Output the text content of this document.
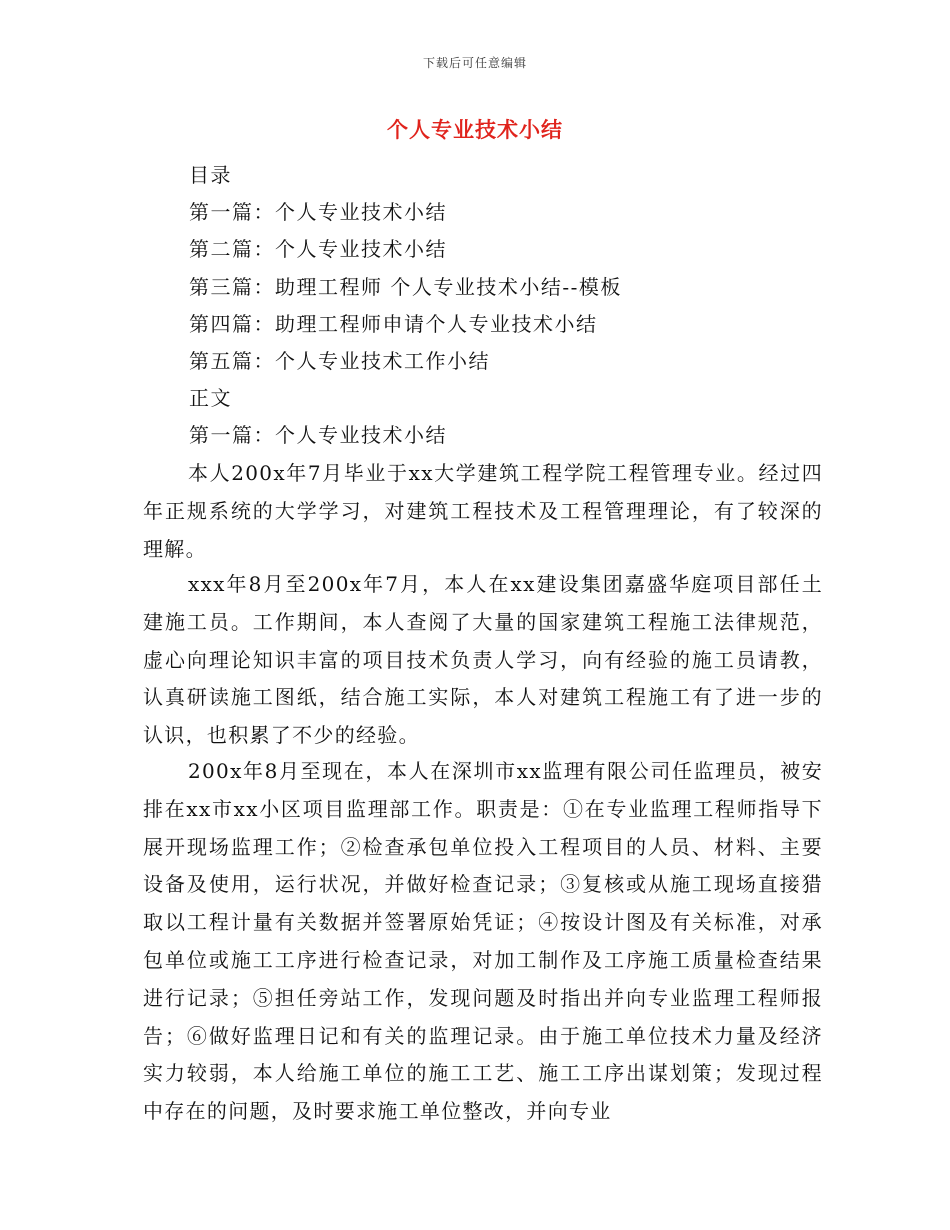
下载后可任意编辑
个人专业技术小结
目录
第一篇：个人专业技术小结
第二篇：个人专业技术小结
第三篇：助理工程师 个人专业技术小结--模板
第四篇：助理工程师申请个人专业技术小结
第五篇：个人专业技术工作小结
正文
第一篇：个人专业技术小结

本人200x年7月毕业于xx大学建筑工程学院工程管理专业。经过四年正规系统的大学学习，对建筑工程技术及工程管理理论，有了较深的理解。

xxx年8月至200x年7月，本人在xx建设集团嘉盛华庭项目部任土建施工员。工作期间，本人查阅了大量的国家建筑工程施工法律规范，虚心向理论知识丰富的项目技术负责人学习，向有经验的施工员请教，认真研读施工图纸，结合施工实际，本人对建筑工程施工有了进一步的认识，也积累了不少的经验。

200x年8月至现在，本人在深圳市xx监理有限公司任监理员，被安排在xx市xx小区项目监理部工作。职责是：①在专业监理工程师指导下展开现场监理工作；②检查承包单位投入工程项目的人员、材料、主要设备及使用，运行状况，并做好检查记录；③复核或从施工现场直接猎取以工程计量有关数据并签署原始凭证；④按设计图及有关标准，对承包单位或施工工序进行检查记录，对加工制作及工序施工质量检查结果进行记录；⑤担任旁站工作，发现问题及时指出并向专业监理工程师报告；⑥做好监理日记和有关的监理记录。由于施工单位技术力量及经济实力较弱，本人给施工单位的施工工艺、施工工序出谋划策；发现过程中存在的问题，及时要求施工单位整改，并向专业
